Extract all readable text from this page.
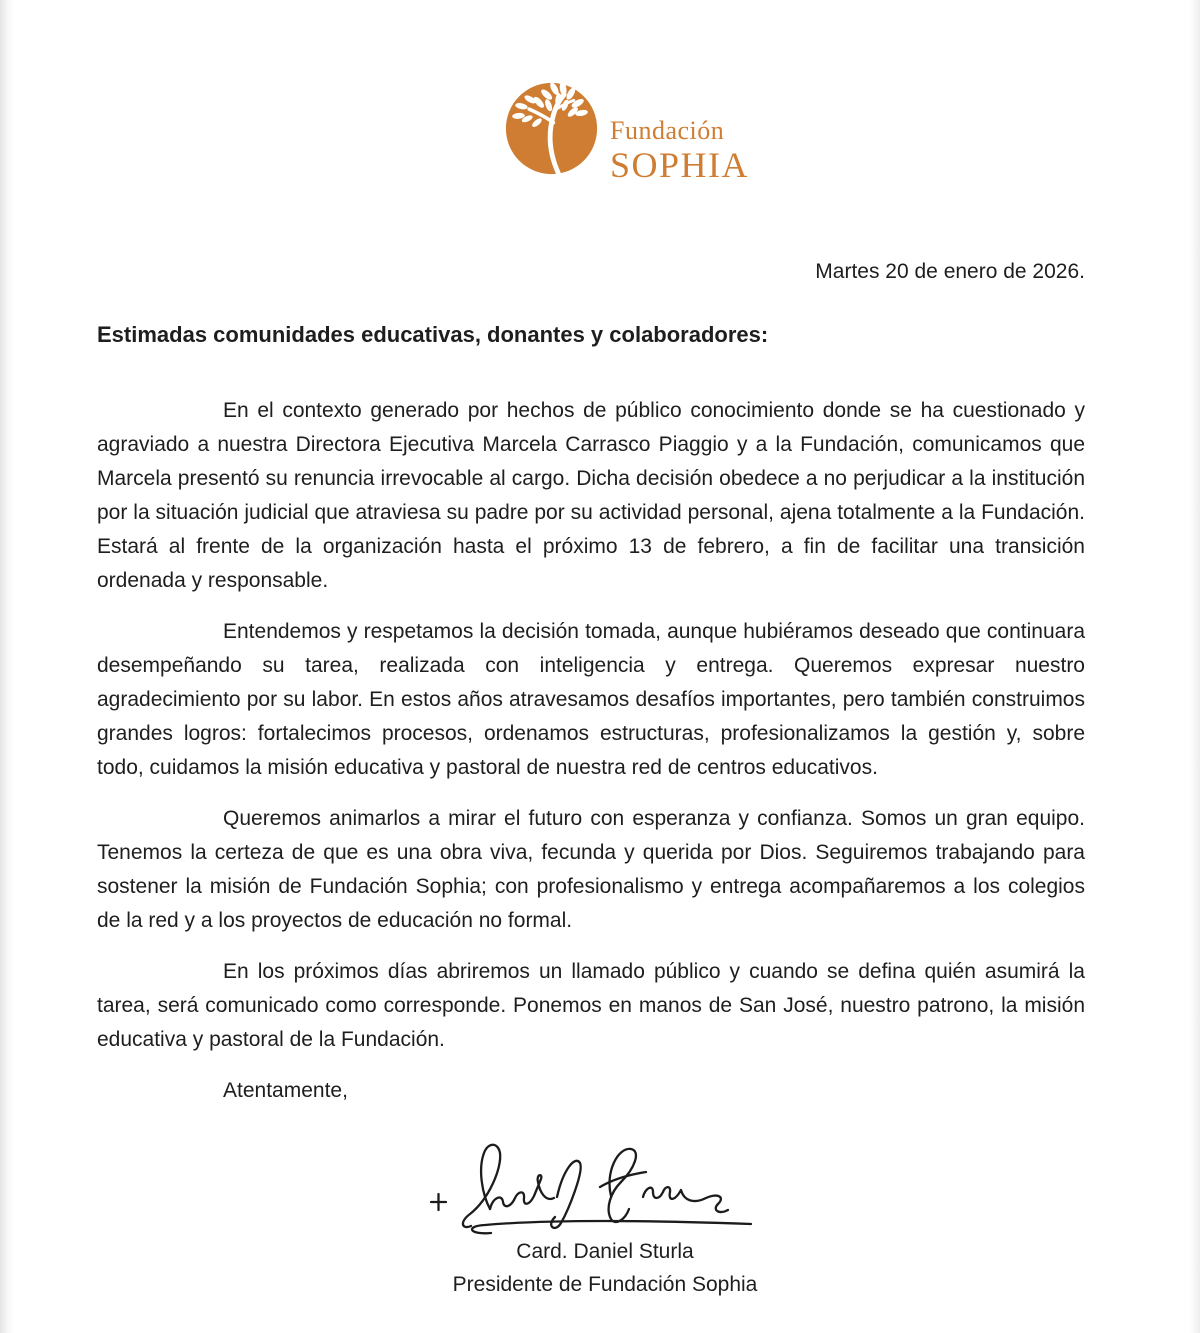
Fundación
SOPHIA
Martes 20 de enero de 2026.
Estimadas comunidades educativas, donantes y colaboradores:

En el contexto generado por hechos de público conocimiento donde se ha cuestionado y agraviado a nuestra Directora Ejecutiva Marcela Carrasco Piaggio y a la Fundación, comunicamos que Marcela presentó su renuncia irrevocable al cargo. Dicha decisión obedece a no perjudicar a la institución por la situación judicial que atraviesa su padre por su actividad personal, ajena totalmente a la Fundación. Estará al frente de la organización hasta el próximo 13 de febrero, a fin de facilitar una transición ordenada y responsable.

Entendemos y respetamos la decisión tomada, aunque hubiéramos deseado que continuara desempeñando su tarea, realizada con inteligencia y entrega. Queremos expresar nuestro agradecimiento por su labor. En estos años atravesamos desafíos importantes, pero también construimos grandes logros: fortalecimos procesos, ordenamos estructuras, profesionalizamos la gestión y, sobre todo, cuidamos la misión educativa y pastoral de nuestra red de centros educativos.

Queremos animarlos a mirar el futuro con esperanza y confianza. Somos un gran equipo. Tenemos la certeza de que es una obra viva, fecunda y querida por Dios. Seguiremos trabajando para sostener la misión de Fundación Sophia; con profesionalismo y entrega acompañaremos a los colegios de la red y a los proyectos de educación no formal.

En los próximos días abriremos un llamado público y cuando se defina quién asumirá la tarea, será comunicado como corresponde. Ponemos en manos de San José, nuestro patrono, la misión educativa y pastoral de la Fundación.

Atentamente,
Card. Daniel Sturla
Presidente de Fundación Sophia
